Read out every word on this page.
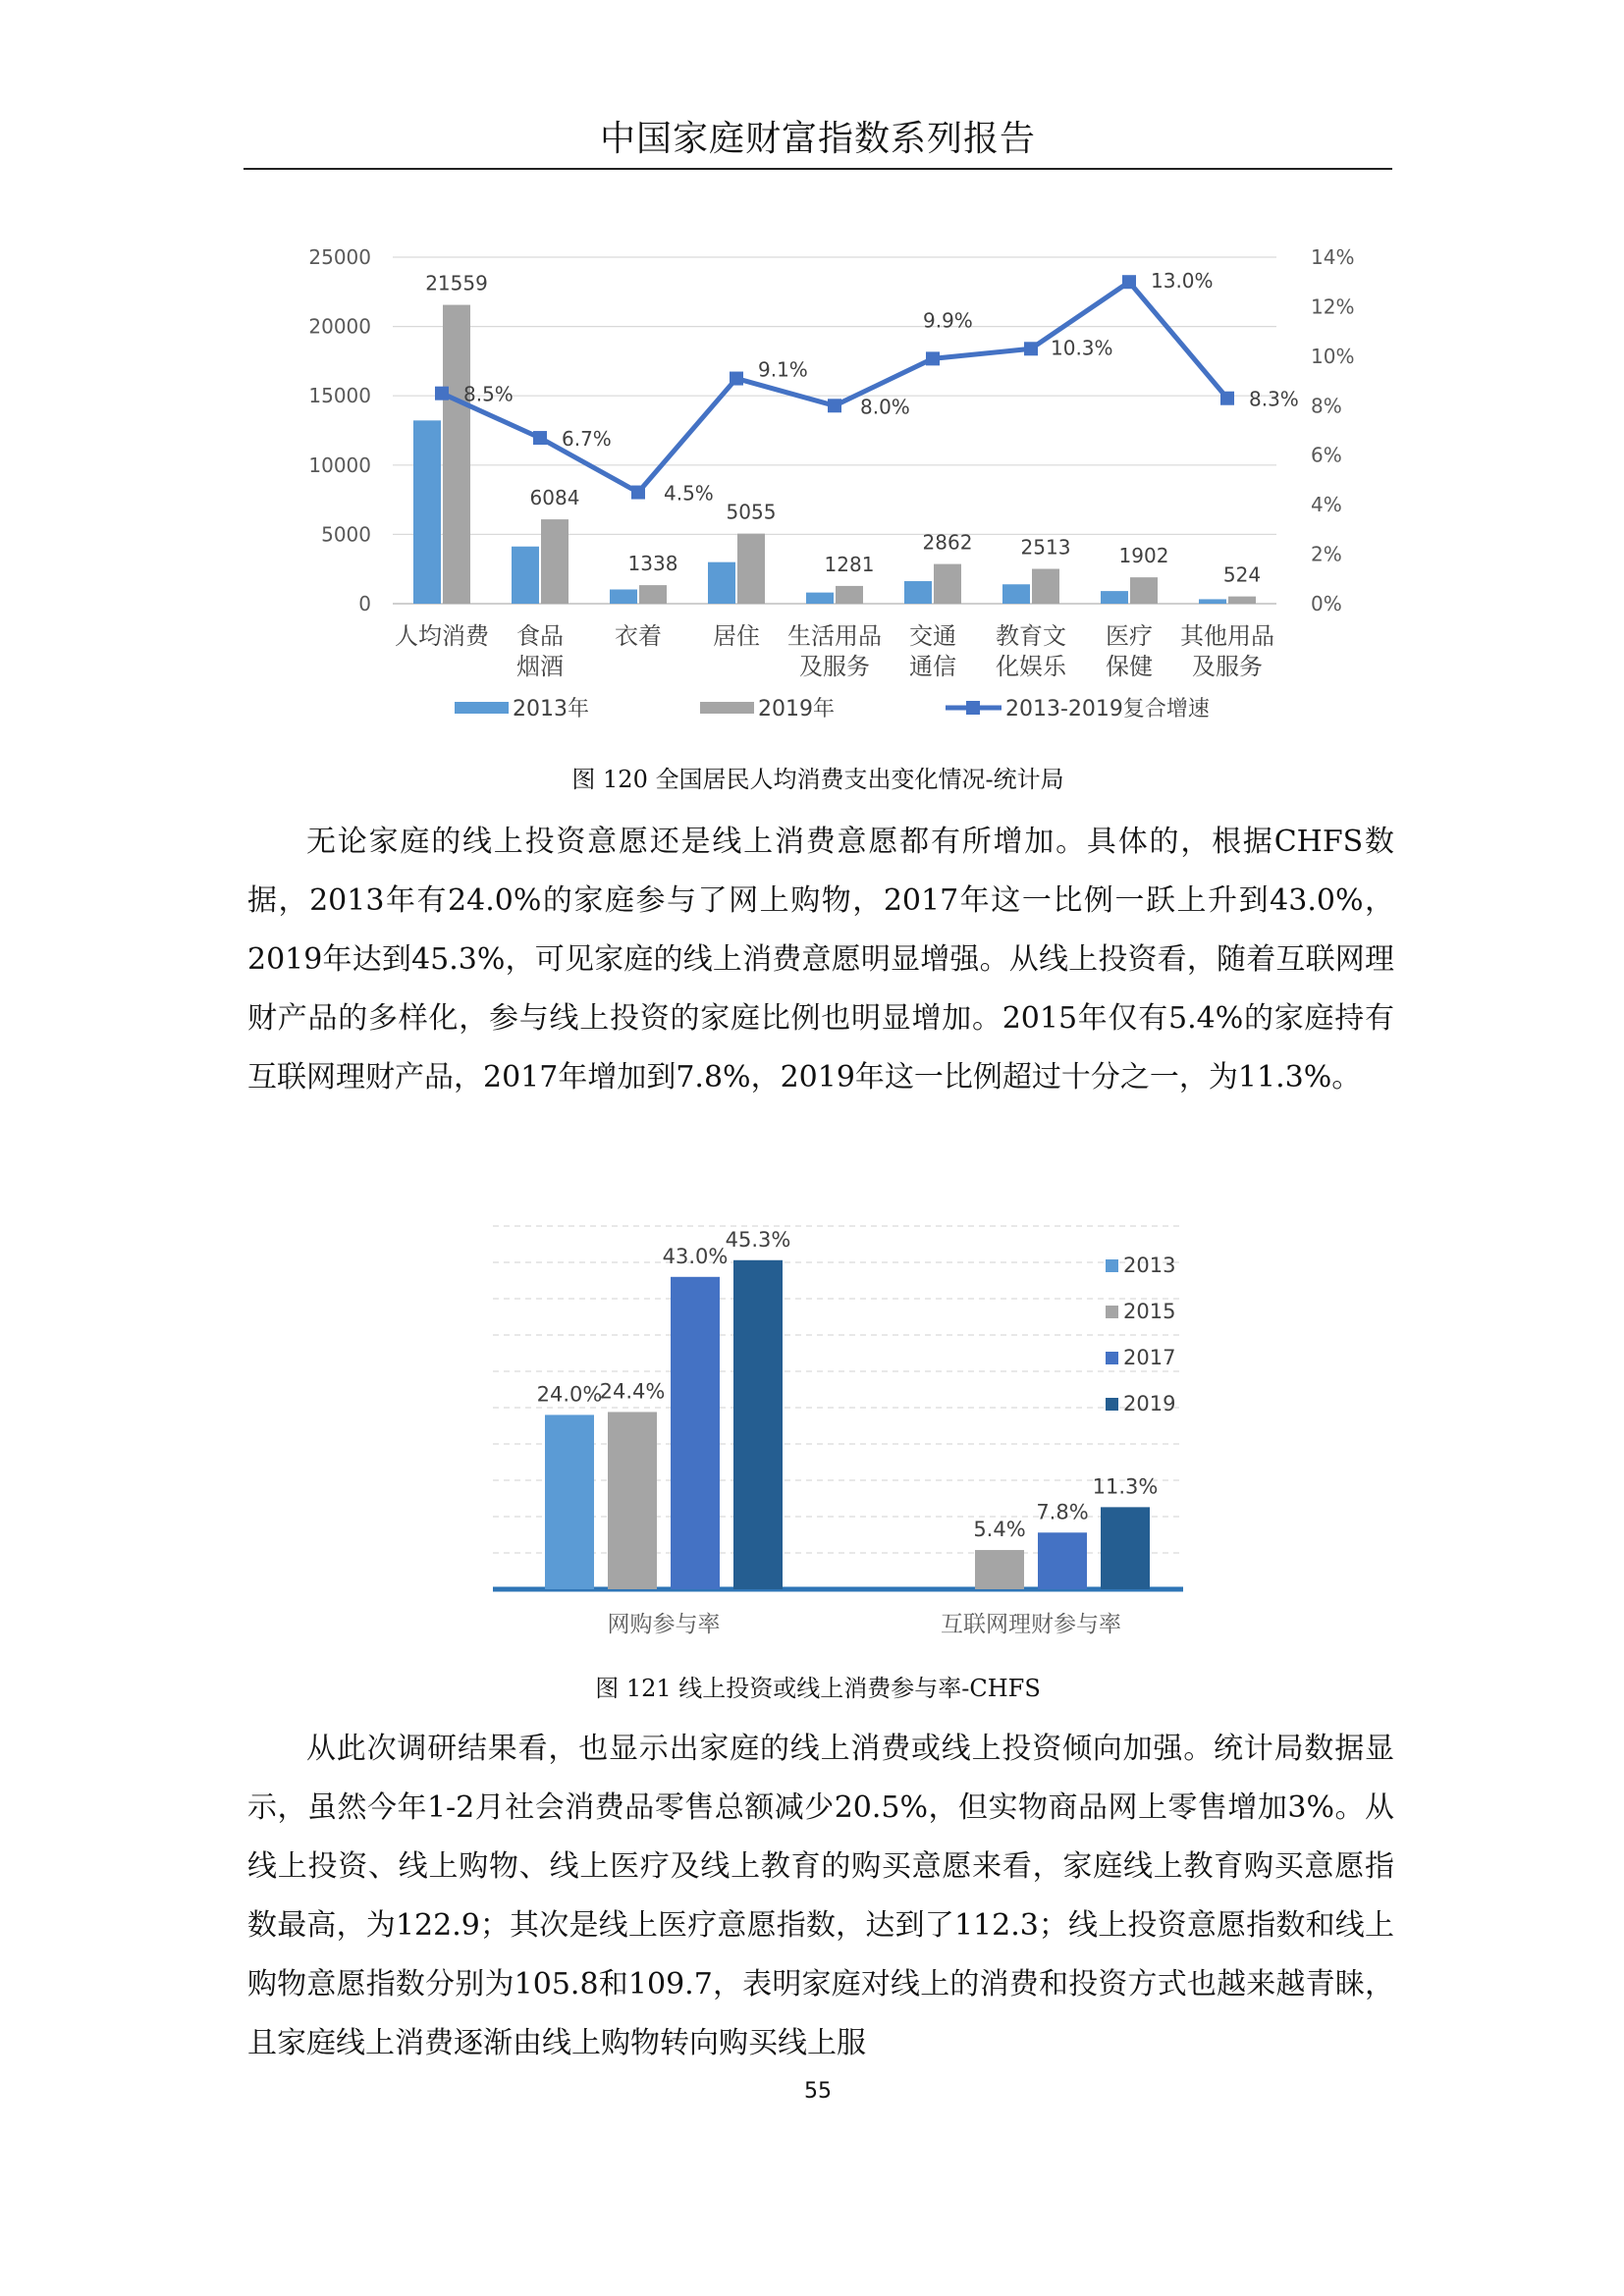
中国家庭财富指数系列报告
0
5000
10000
15000
20000
25000
0%
2%
4%
6%
8%
10%
12%
14%
21559
人均消费
6084
食品
烟酒
1338
衣着
5055
居住
1281
生活用品
及服务
2862
交通
通信
2513
教育文
化娱乐
1902
医疗
保健
524
其他用品
及服务
8.5%
6.7%
4.5%
9.1%
8.0%
9.9%
10.3%
13.0%
8.3%
2013年	2019年	2013-2019复合增速
图 120 全国居民人均消费支出变化情况-统计局
无论家庭的线上投资意愿还是线上消费意愿都有所增加。具体的，根据CHFS数据，2013年有24.0%的家庭参与了网上购物，2017年这一比例一跃上升到43.0%，2019年达到45.3%，可见家庭的线上消费意愿明显增强。从线上投资看，随着互联网理财产品的多样化，参与线上投资的家庭比例也明显增加。2015年仅有5.4%的家庭持有互联网理财产品，2017年增加到7.8%，2019年这一比例超过十分之一，为11.3%。
24.0%
24.4%
43.0%
45.3%
网购参与率
5.4%
7.8%
11.3%
互联网理财参与率
2013
2015
2017
2019
图 121 线上投资或线上消费参与率-CHFS
从此次调研结果看，也显示出家庭的线上消费或线上投资倾向加强。统计局数据显示，虽然今年1-2月社会消费品零售总额减少20.5%，但实物商品网上零售增加3%。从线上投资、线上购物、线上医疗及线上教育的购买意愿来看，家庭线上教育购买意愿指数最高，为122.9；其次是线上医疗意愿指数，达到了112.3；线上投资意愿指数和线上购物意愿指数分别为105.8和109.7，表明家庭对线上的消费和投资方式也越来越青睐，且家庭线上消费逐渐由线上购物转向购买线上服
55
